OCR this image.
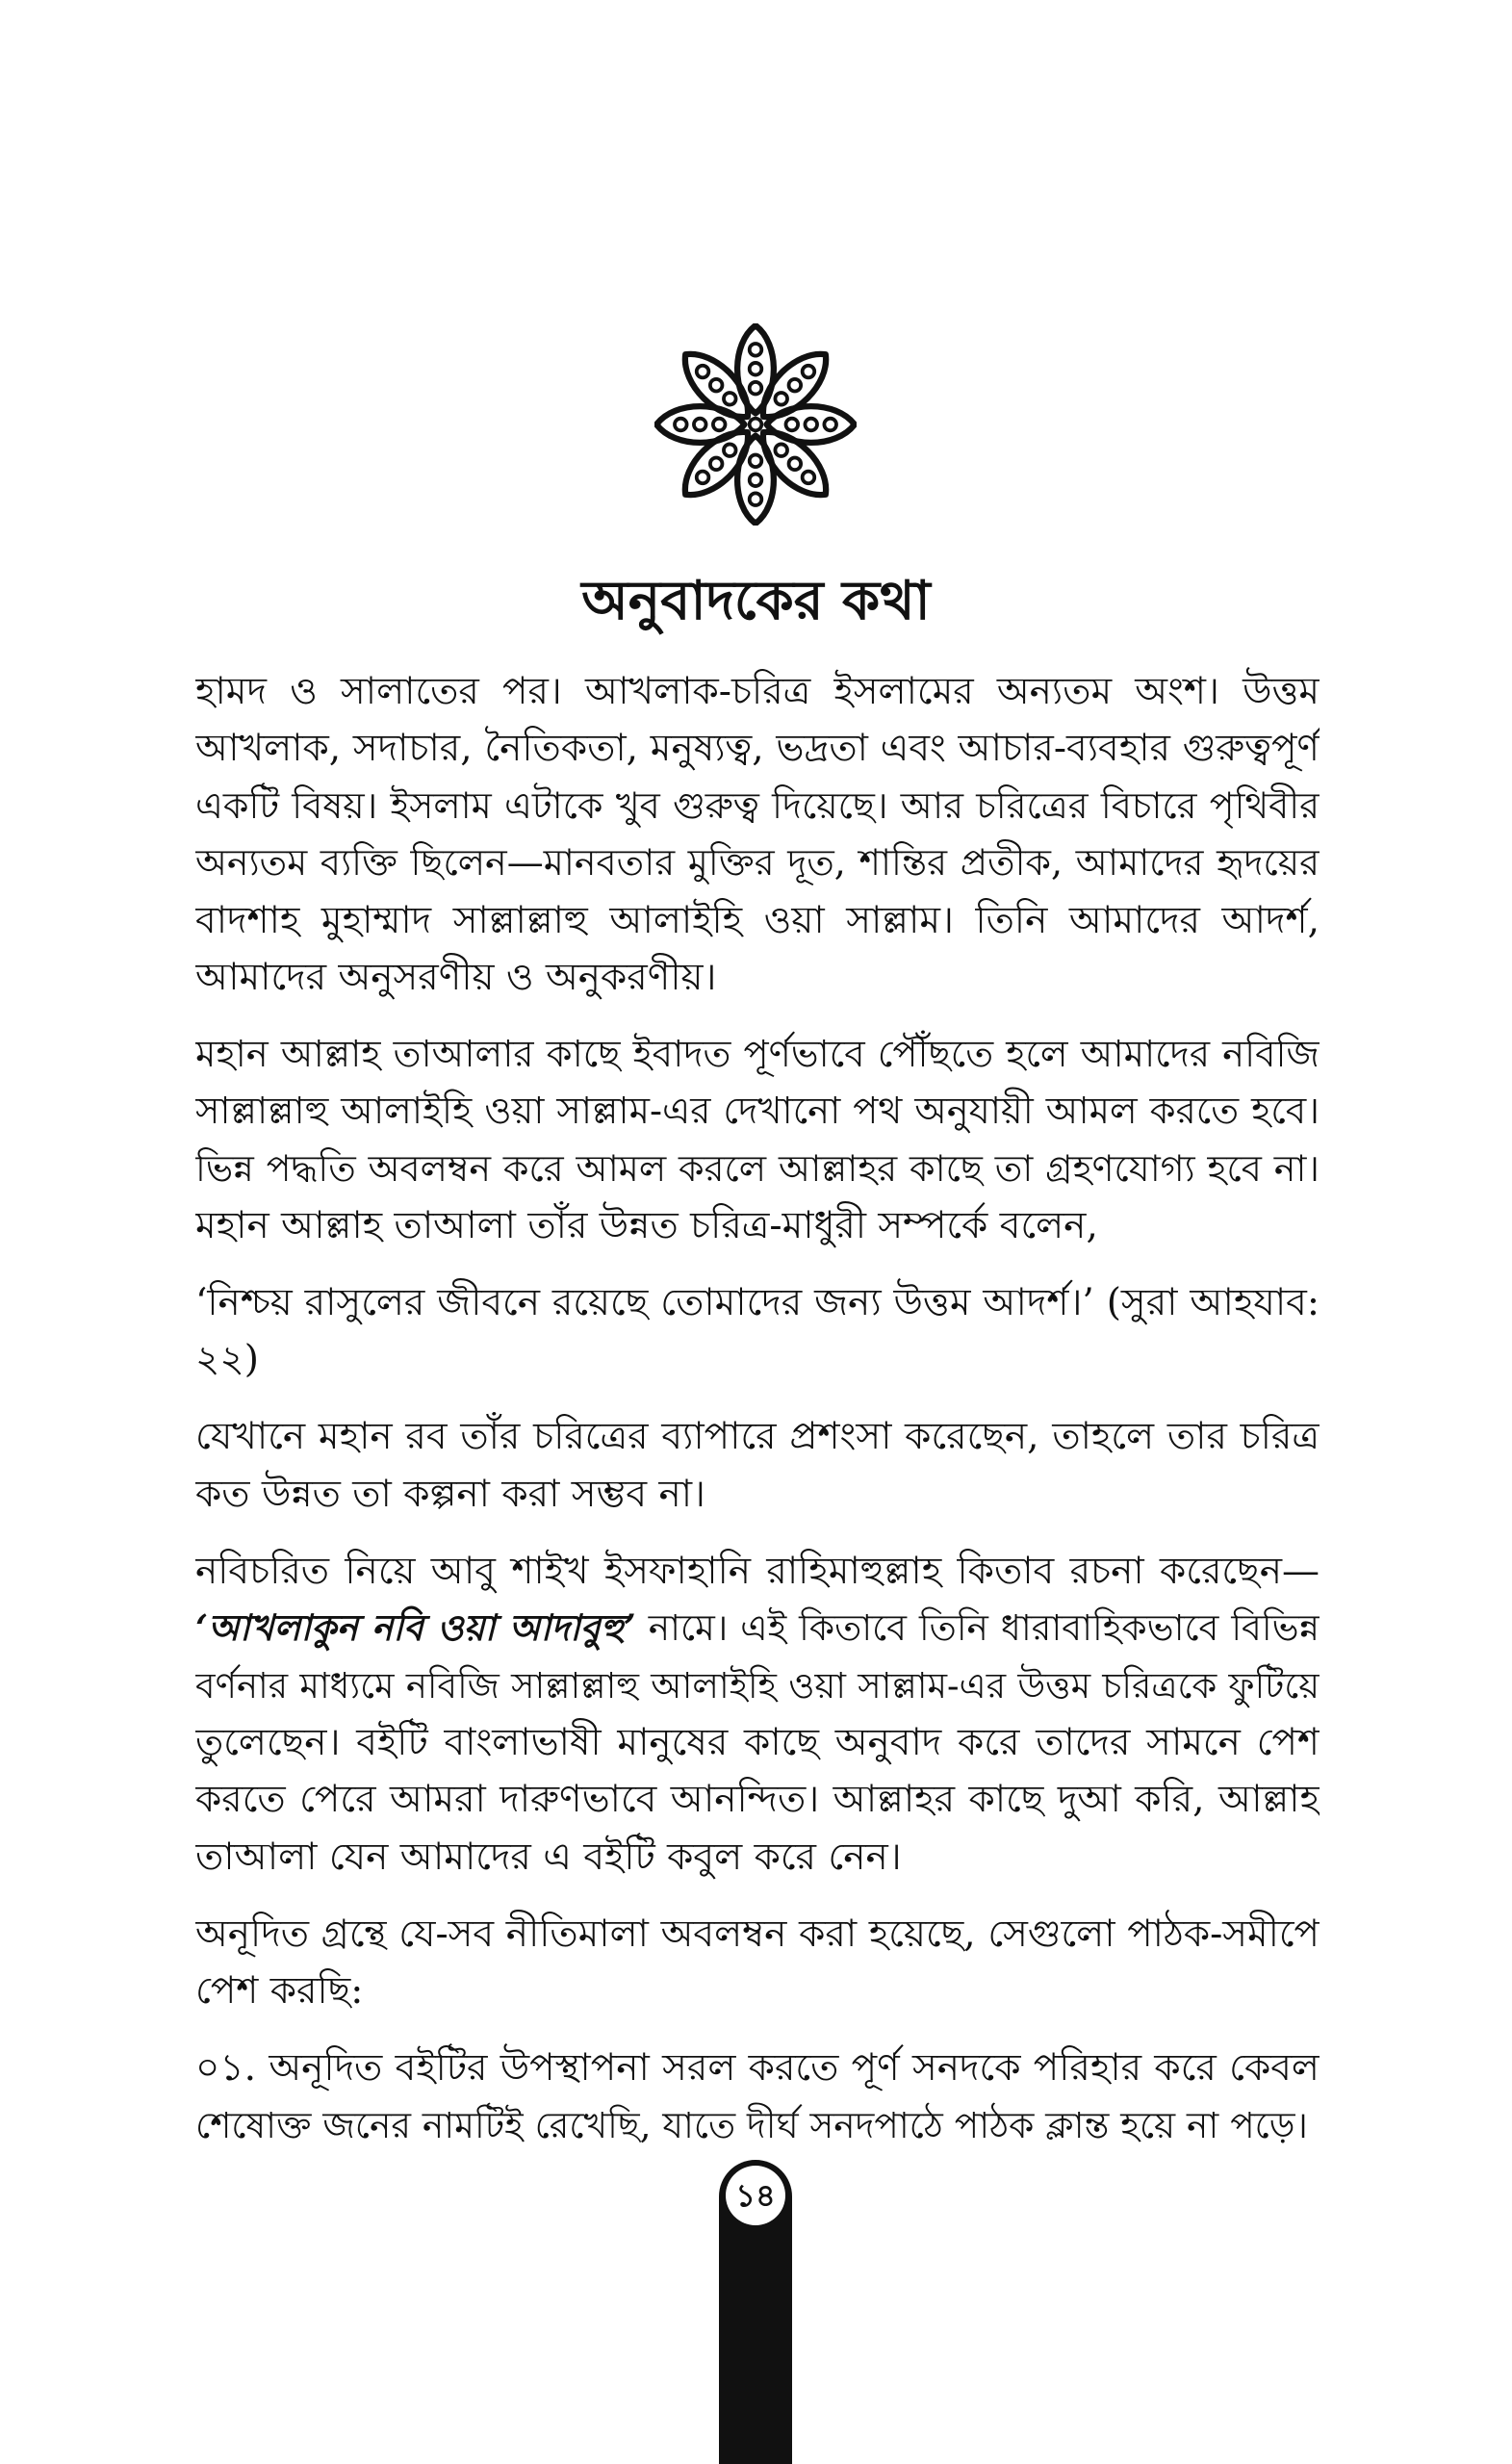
অনুবাদকের কথা
হামদ ও সালাতের পর। আখলাক-চরিত্র ইসলামের অন্যতম অংশ। উত্তম
আখলাক, সদাচার, নৈতিকতা, মনুষ্যত্ব, ভদ্রতা এবং আচার-ব্যবহার গুরুত্বপূর্ণ
একটি বিষয়। ইসলাম এটাকে খুব গুরুত্ব দিয়েছে। আর চরিত্রের বিচারে পৃথিবীর
অন্যতম ব্যক্তি ছিলেন—মানবতার মুক্তির দূত, শান্তির প্রতীক, আমাদের হৃদয়ের
বাদশাহ মুহাম্মাদ সাল্লাল্লাহু আলাইহি ওয়া সাল্লাম। তিনি আমাদের আদর্শ,
আমাদের অনুসরণীয় ও অনুকরণীয়।
মহান আল্লাহ তাআলার কাছে ইবাদত পূর্ণভাবে পৌঁছতে হলে আমাদের নবিজি
সাল্লাল্লাহু আলাইহি ওয়া সাল্লাম-এর দেখানো পথ অনুযায়ী আমল করতে হবে।
ভিন্ন পদ্ধতি অবলম্বন করে আমল করলে আল্লাহর কাছে তা গ্রহণযোগ্য হবে না।
মহান আল্লাহ তাআলা তাঁর উন্নত চরিত্র-মাধুরী সম্পর্কে বলেন,
‘নিশ্চয় রাসুলের জীবনে রয়েছে তোমাদের জন্য উত্তম আদর্শ।’ (সুরা আহযাব:
২২)
যেখানে মহান রব তাঁর চরিত্রের ব্যাপারে প্রশংসা করেছেন, তাহলে তার চরিত্র
কত উন্নত তা কল্পনা করা সম্ভব না।
নবিচরিত নিয়ে আবু শাইখ ইসফাহানি রাহিমাহুল্লাহ কিতাব রচনা করেছেন—
‘আখলাকুন নবি ওয়া আদাবুহু’ নামে। এই কিতাবে তিনি ধারাবাহিকভাবে বিভিন্ন
বর্ণনার মাধ্যমে নবিজি সাল্লাল্লাহু আলাইহি ওয়া সাল্লাম-এর উত্তম চরিত্রকে ফুটিয়ে
তুলেছেন। বইটি বাংলাভাষী মানুষের কাছে অনুবাদ করে তাদের সামনে পেশ
করতে পেরে আমরা দারুণভাবে আনন্দিত। আল্লাহর কাছে দুআ করি, আল্লাহ
তাআলা যেন আমাদের এ বইটি কবুল করে নেন।
অনূদিত গ্রন্থে যে-সব নীতিমালা অবলম্বন করা হয়েছে, সেগুলো পাঠক-সমীপে
পেশ করছি:
০১. অনূদিত বইটির উপস্থাপনা সরল করতে পূর্ণ সনদকে পরিহার করে কেবল
শেষোক্ত জনের নামটিই রেখেছি, যাতে দীর্ঘ সনদপাঠে পাঠক ক্লান্ত হয়ে না পড়ে।
১৪
